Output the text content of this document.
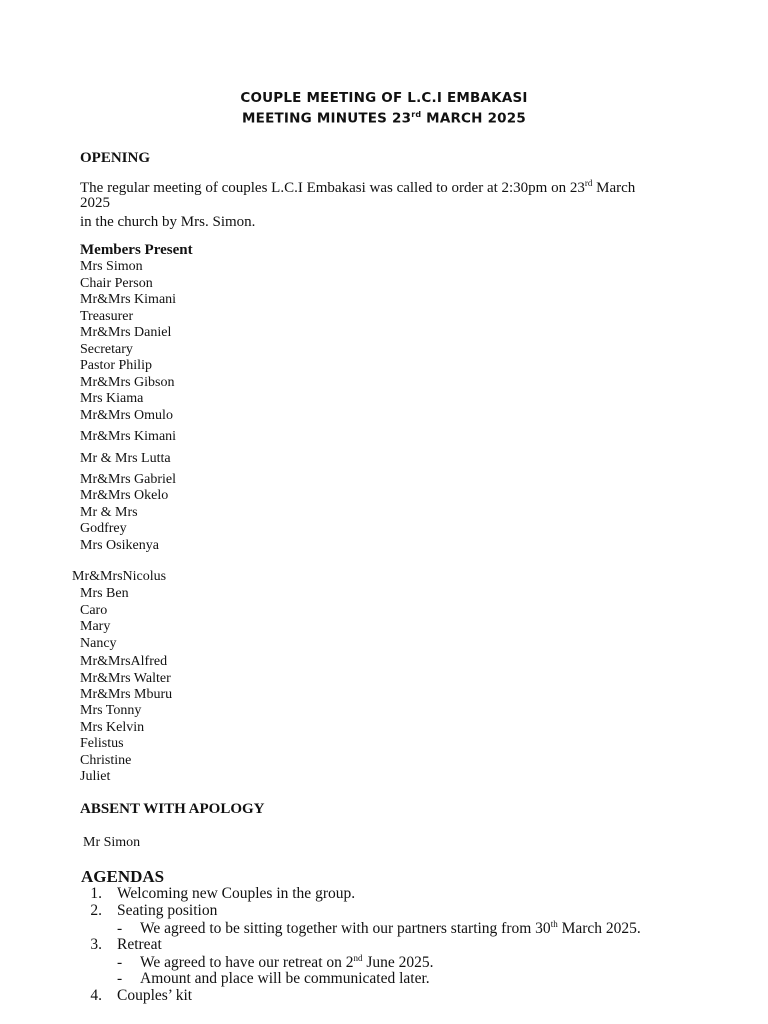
COUPLE MEETING OF L.C.I EMBAKASI
MEETING MINUTES 23rd MARCH 2025
OPENING
The regular meeting of couples L.C.I Embakasi was called to order at 2:30pm on 23rd March
2025
in the church by Mrs. Simon.
Members Present
Mrs Simon
Chair Person
Mr&Mrs Kimani
Treasurer
Mr&Mrs Daniel
Secretary
Pastor Philip
Mr&Mrs Gibson
Mrs Kiama
Mr&Mrs Omulo
Mr&Mrs Kimani
Mr & Mrs Lutta
Mr&Mrs Gabriel
Mr&Mrs Okelo
Mr & Mrs
Godfrey
Mrs Osikenya
Mr&MrsNicolus
Mrs Ben
Caro
Mary
Nancy
Mr&MrsAlfred
Mr&Mrs Walter
Mr&Mrs Mburu
Mrs Tonny
Mrs Kelvin
Felistus
Christine
Juliet
ABSENT WITH APOLOGY
Mr Simon
AGENDAS
1. Welcoming new Couples in the group.
2. Seating position
- We agreed to be sitting together with our partners starting from 30th March 2025.
3. Retreat
- We agreed to have our retreat on 2nd June 2025.
- Amount and place will be communicated later.
4. Couples’ kit
